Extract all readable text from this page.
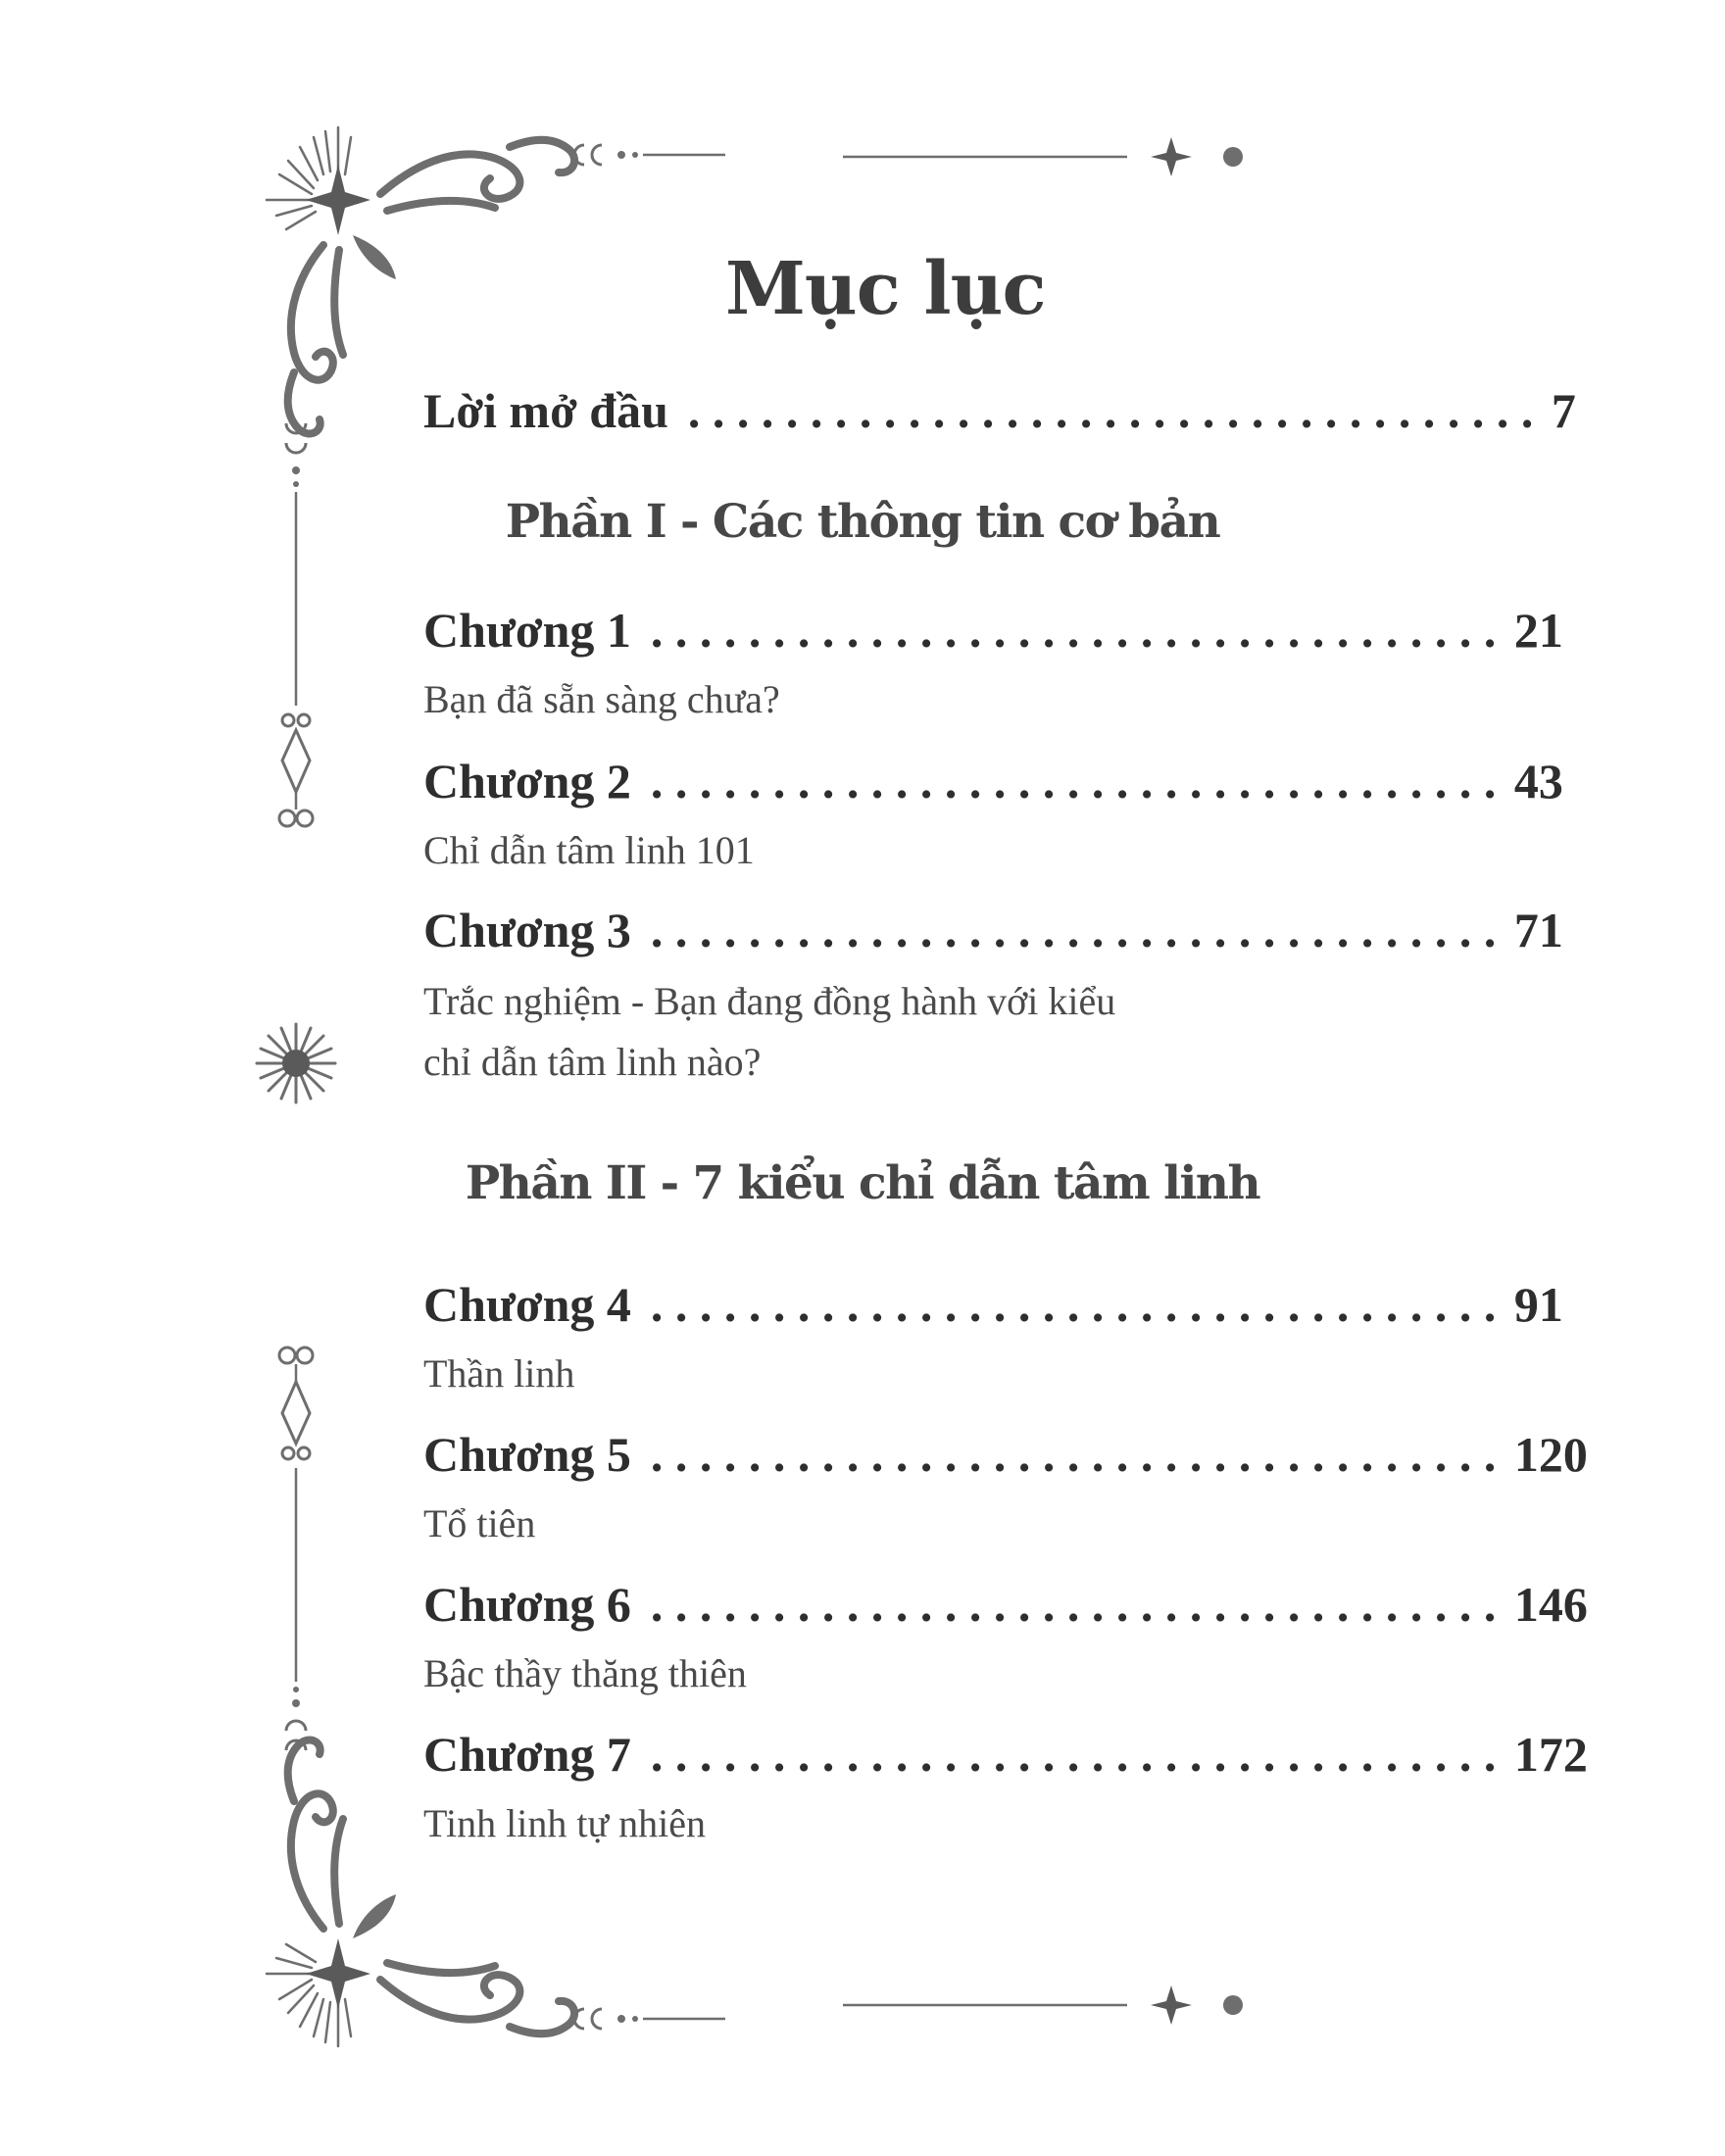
Mục lục
Lời mở đầu ................................... 7
Phần I - Các thông tin cơ bản
Chương 1 ................................... 21
Bạn đã sẵn sàng chưa?
Chương 2 ................................... 43
Chỉ dẫn tâm linh 101
Chương 3 ................................... 71
Trắc nghiệm - Bạn đang đồng hành với kiểu
chỉ dẫn tâm linh nào?
Phần II - 7 kiểu chỉ dẫn tâm linh
Chương 4 ................................... 91
Thần linh
Chương 5 ................................... 120
Tổ tiên
Chương 6 ................................... 146
Bậc thầy thăng thiên
Chương 7 ................................... 172
Tinh linh tự nhiên
